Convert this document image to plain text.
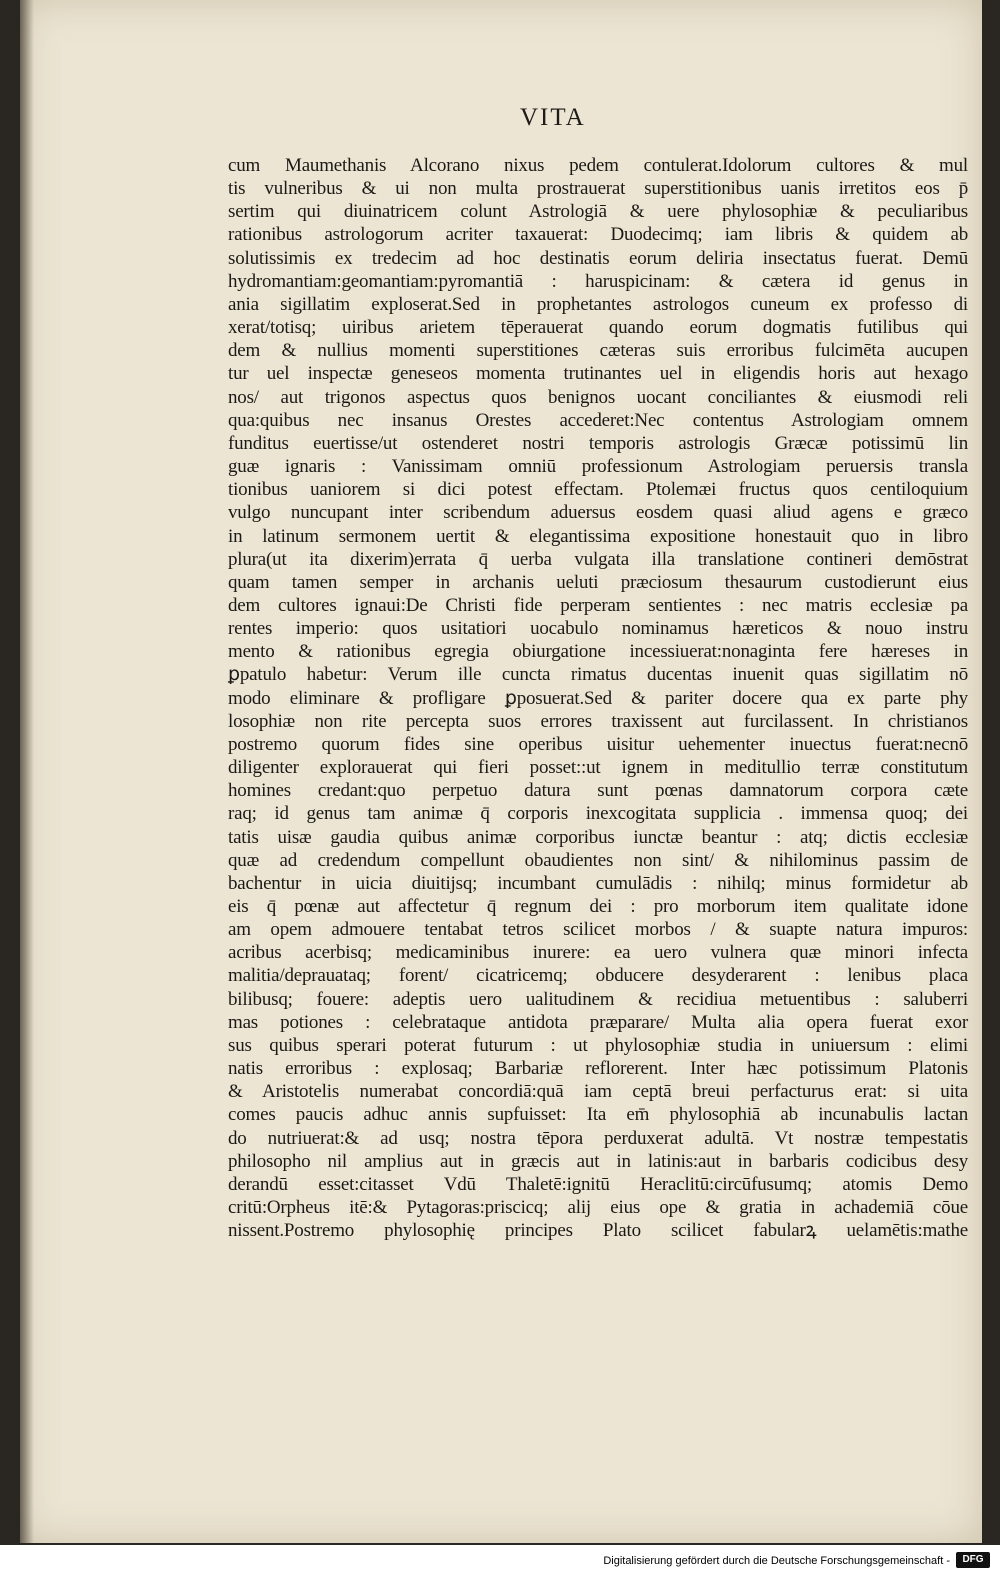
VITA
cum Maumethanis Alcorano nixus pedem contulerat.Idolorum cultores & mul
tis vulneribus & ui non multa prostrauerat superstitionibus uanis irretitos eos p̄
sertim qui diuinatricem colunt Astrologiā & uere phylosophiæ & peculiaribus
rationibus astrologorum acriter taxauerat: Duodecimq; iam libris & quidem ab
solutissimis ex tredecim ad hoc destinatis eorum deliria insectatus fuerat. Demū
hydromantiam:geomantiam:pyromantiā : haruspicinam: & cætera id genus in
ania sigillatim exploserat.Sed in prophetantes astrologos cuneum ex professo di
xerat/totisq; uiribus arietem tēperauerat quando eorum dogmatis futilibus qui
dem & nullius momenti superstitiones cæteras suis erroribus fulcimēta aucupen
tur uel inspectæ geneseos momenta trutinantes uel in eligendis horis aut hexago
nos/ aut trigonos aspectus quos benignos uocant conciliantes & eiusmodi reli
qua:quibus nec insanus Orestes accederet:Nec contentus Astrologiam omnem
funditus euertisse/ut ostenderet nostri temporis astrologis Græcæ potissimū lin
guæ ignaris : Vanissimam omniū professionum Astrologiam peruersis transla
tionibus uaniorem si dici potest effectam. Ptolemæi fructus quos centiloquium
vulgo nuncupant inter scribendum aduersus eosdem quasi aliud agens e græco
in latinum sermonem uertit & elegantissima expositione honestauit quo in libro
plura(ut ita dixerim)errata q̄ uerba vulgata illa translatione contineri demōstrat
quam tamen semper in archanis ueluti præciosum thesaurum custodierunt eius
dem cultores ignaui:De Christi fide perperam sentientes : nec matris ecclesiæ pa
rentes imperio: quos usitatiori uocabulo nominamus hæreticos & nouo instru
mento & rationibus egregia obiurgatione incessiuerat:nonaginta fere hæreses in
ꝑpatulo habetur: Verum ille cuncta rimatus ducentas inuenit quas sigillatim nō
modo eliminare & profligare ꝑposuerat.Sed & pariter docere qua ex parte phy
losophiæ non rite percepta suos errores traxissent aut furcilassent. In christianos
postremo quorum fides sine operibus uisitur uehementer inuectus fuerat:necnō
diligenter explorauerat qui fieri posset::ut ignem in meditullio terræ constitutum
homines credant:quo perpetuo datura sunt pœnas damnatorum corpora cæte
raq; id genus tam animæ q̄ corporis inexcogitata supplicia . immensa quoq; dei
tatis uisæ gaudia quibus animæ corporibus iunctæ beantur : atq; dictis ecclesiæ
quæ ad credendum compellunt obaudientes non sint/ & nihilominus passim de
bachentur in uicia diuitijsq; incumbant cumulādis : nihilq; minus formidetur ab
eis q̄ pœnæ aut affectetur q̄ regnum dei : pro morborum item qualitate idone
am opem admouere tentabat tetros scilicet morbos / & suapte natura impuros:
acribus acerbisq; medicaminibus inurere: ea uero vulnera quæ minori infecta
malitia/deprauataq; forent/ cicatricemq; obducere desyderarent : lenibus placa
bilibusq; fouere: adeptis uero ualitudinem & recidiua metuentibus : saluberri
mas potiones : celebrataque antidota præparare/ Multa alia opera fuerat exor
sus quibus sperari poterat futurum : ut phylosophiæ studia in uniuersum : elimi
natis erroribus : explosaq; Barbariæ reflorerent. Inter hæc potissimum Platonis
& Aristotelis numerabat concordiā:quā iam ceptā breui perfacturus erat: si uita
comes paucis adhuc annis supfuisset: Ita em̄ phylosophiā ab incunabulis lactan
do nutriuerat:& ad usq; nostra tēpora perduxerat adultā. Vt nostræ tempestatis
philosopho nil amplius aut in græcis aut in latinis:aut in barbaris codicibus desy
derandū esset:citasset Vdū Thaletē:ignitū Heraclitū:circūfusumq; atomis Demo
critū:Orpheus itē:& Pytagoras:priscicq; alij eius ope & gratia in achademiā cōue
nissent.Postremo phylosophię principes Plato scilicet fabularꝝ uelamētis:mathe
Digitalisierung gefördert durch die Deutsche Forschungsgemeinschaft -	DFG
